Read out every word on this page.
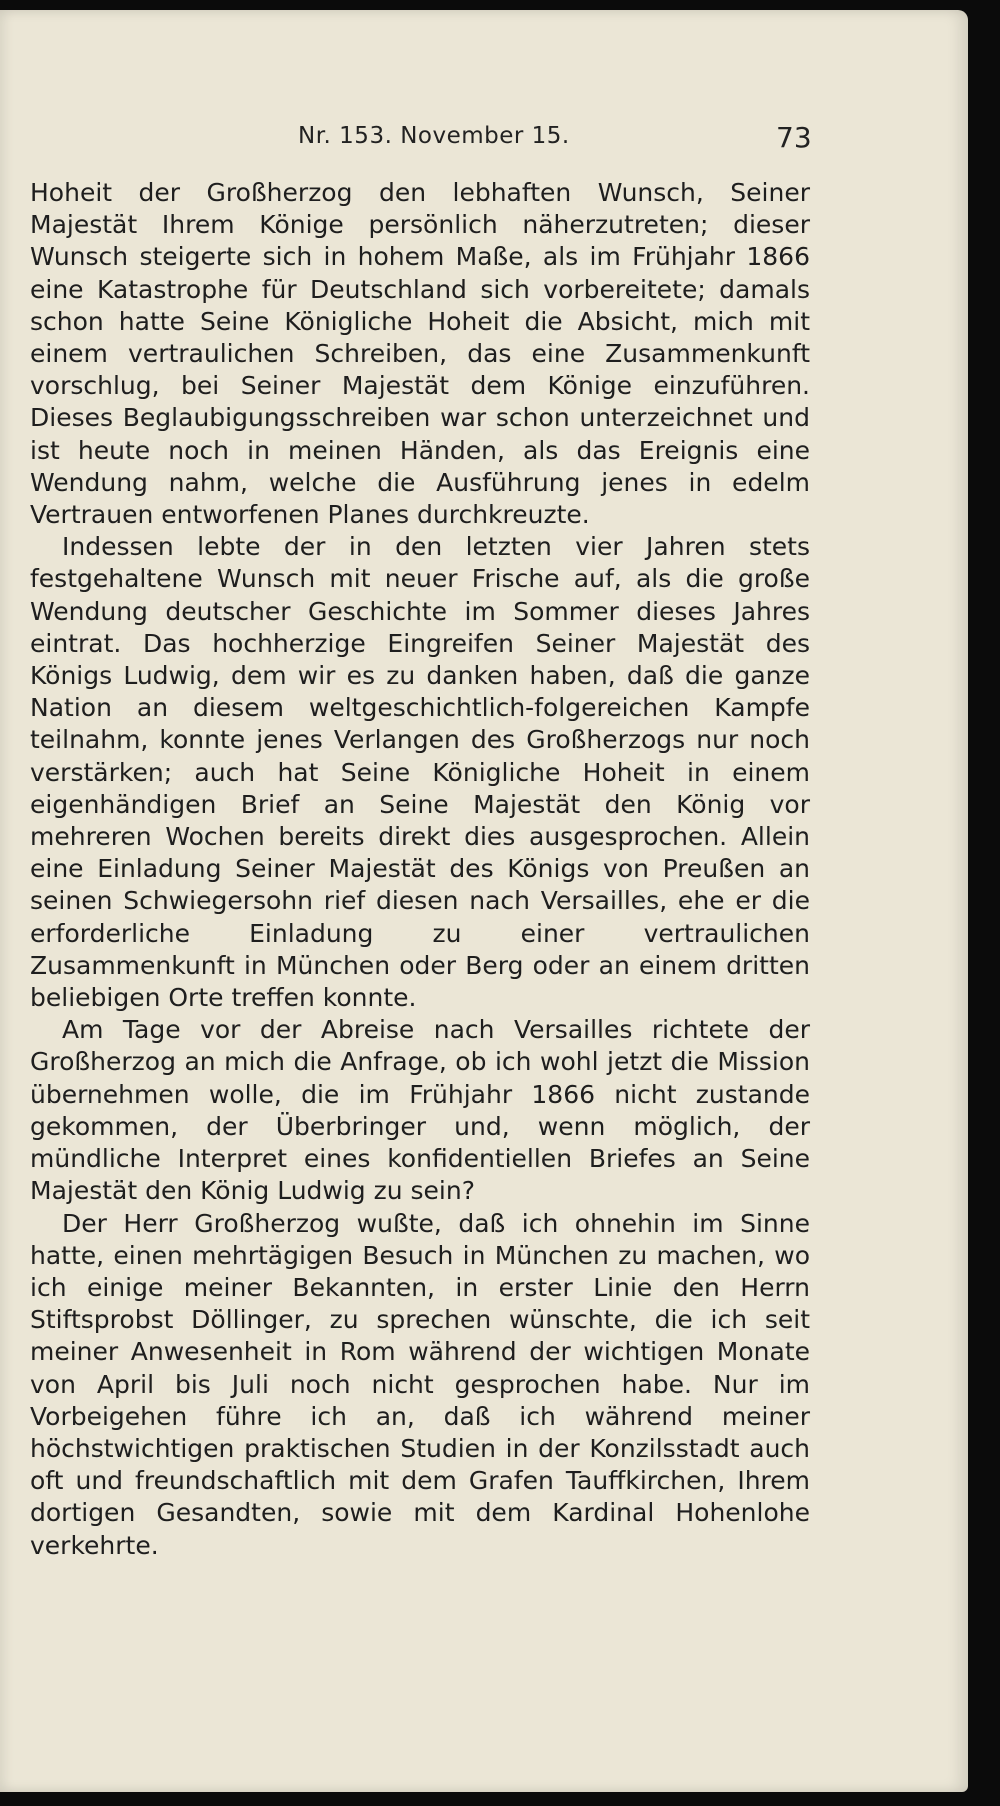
Nr. 153. November 15.	73

Hoheit der Großherzog den lebhaften Wunsch, Seiner Majestät Ihrem Könige persönlich näherzutreten; dieser Wunsch steigerte sich in hohem Maße, als im Frühjahr 1866 eine Katastrophe für Deutschland sich vorbereitete; damals schon hatte Seine Königliche Hoheit die Absicht, mich mit einem vertraulichen Schreiben, das eine Zusammenkunft vorschlug, bei Seiner Majestät dem Könige einzuführen. Dieses Beglaubigungsschreiben war schon unterzeichnet und ist heute noch in meinen Händen, als das Ereignis eine Wendung nahm, welche die Ausführung jenes in edelm Vertrauen entworfenen Planes durchkreuzte.

Indessen lebte der in den letzten vier Jahren stets festgehaltene Wunsch mit neuer Frische auf, als die große Wendung deutscher Geschichte im Sommer dieses Jahres eintrat. Das hochherzige Eingreifen Seiner Majestät des Königs Ludwig, dem wir es zu danken haben, daß die ganze Nation an diesem weltgeschichtlich-folgereichen Kampfe teilnahm, konnte jenes Verlangen des Großherzogs nur noch verstärken; auch hat Seine Königliche Hoheit in einem eigenhändigen Brief an Seine Majestät den König vor mehreren Wochen bereits direkt dies ausgesprochen. Allein eine Einladung Seiner Majestät des Königs von Preußen an seinen Schwiegersohn rief diesen nach Versailles, ehe er die erforderliche Einladung zu einer vertraulichen Zusammenkunft in München oder Berg oder an einem dritten beliebigen Orte treffen konnte.

Am Tage vor der Abreise nach Versailles richtete der Großherzog an mich die Anfrage, ob ich wohl jetzt die Mission übernehmen wolle, die im Frühjahr 1866 nicht zustande gekommen, der Überbringer und, wenn möglich, der mündliche Interpret eines konfidentiellen Briefes an Seine Majestät den König Ludwig zu sein?

Der Herr Großherzog wußte, daß ich ohnehin im Sinne hatte, einen mehrtägigen Besuch in München zu machen, wo ich einige meiner Bekannten, in erster Linie den Herrn Stiftsprobst Döllinger, zu sprechen wünschte, die ich seit meiner Anwesenheit in Rom während der wichtigen Monate von April bis Juli noch nicht gesprochen habe. Nur im Vorbeigehen führe ich an, daß ich während meiner höchstwichtigen praktischen Studien in der Konzilsstadt auch oft und freundschaftlich mit dem Grafen Tauffkirchen, Ihrem dortigen Gesandten, sowie mit dem Kardinal Hohenlohe verkehrte.
